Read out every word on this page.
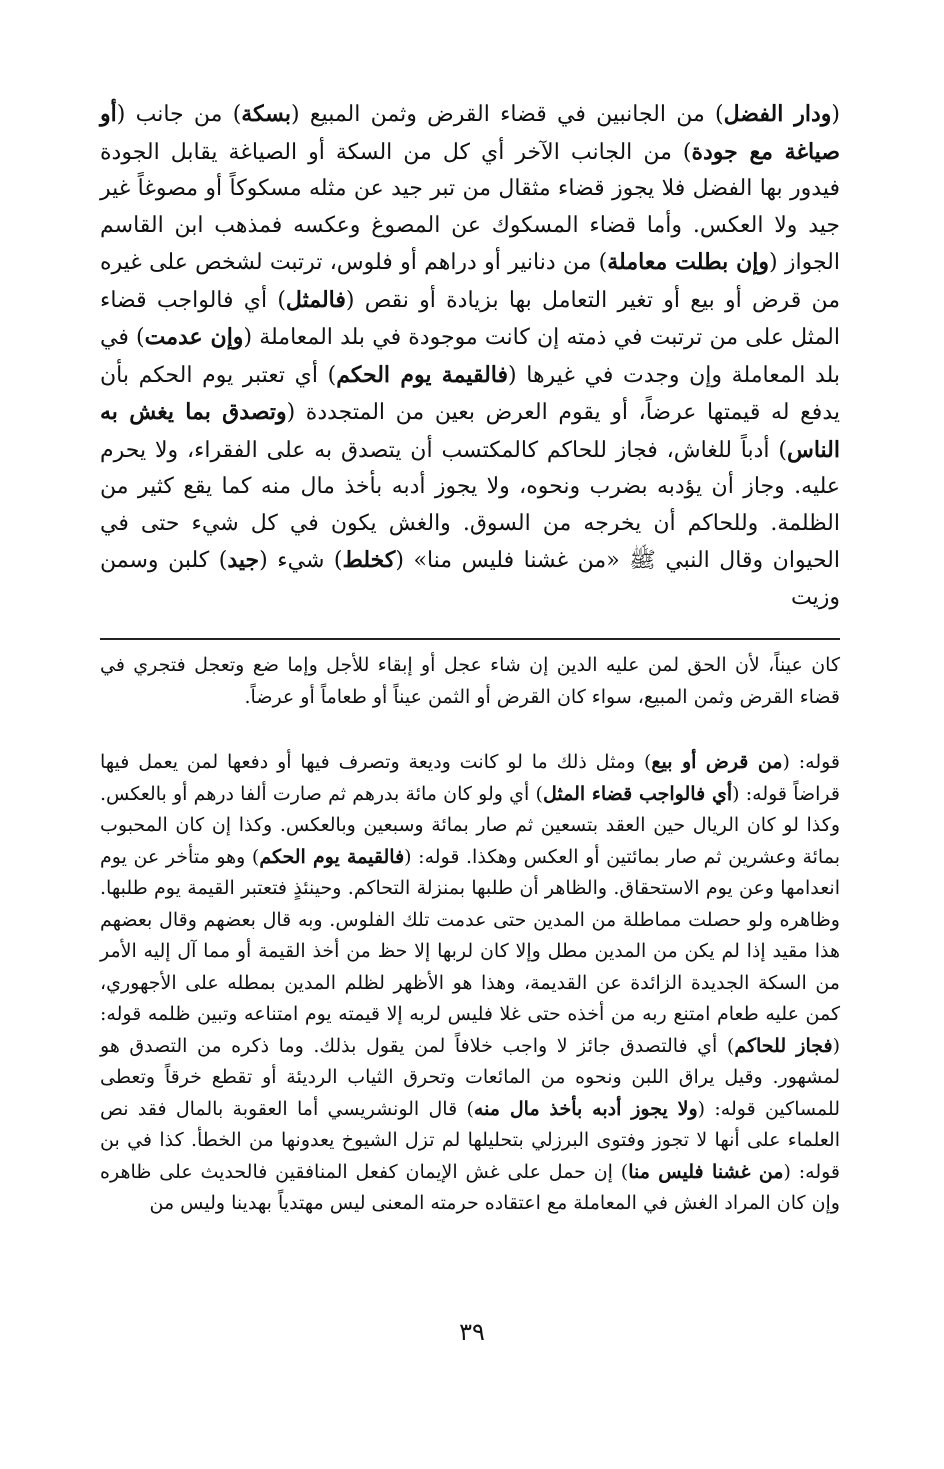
(ودار الفضل) من الجانبين في قضاء القرض وثمن المبيع (بسكة) من جانب (أو صياغة مع جودة) من الجانب الآخر أي كل من السكة أو الصياغة يقابل الجودة فيدور بها الفضل فلا يجوز قضاء مثقال من تبر جيد عن مثله مسكوكاً أو مصوغاً غير جيد ولا العكس. وأما قضاء المسكوك عن المصوغ وعكسه فمذهب ابن القاسم الجواز (وإن بطلت معاملة) من دنانير أو دراهم أو فلوس، ترتبت لشخص على غيره من قرض أو بيع أو تغير التعامل بها بزيادة أو نقص (فالمثل) أي فالواجب قضاء المثل على من ترتبت في ذمته إن كانت موجودة في بلد المعاملة (وإن عدمت) في بلد المعاملة وإن وجدت في غيرها (فالقيمة يوم الحكم) أي تعتبر يوم الحكم بأن يدفع له قيمتها عرضاً، أو يقوم العرض بعين من المتجددة (وتصدق بما يغش به الناس) أدباً للغاش، فجاز للحاكم كالمكتسب أن يتصدق به على الفقراء، ولا يحرم عليه. وجاز أن يؤدبه بضرب ونحوه، ولا يجوز أدبه بأخذ مال منه كما يقع كثير من الظلمة. وللحاكم أن يخرجه من السوق. والغش يكون في كل شيء حتى في الحيوان وقال النبي ﷺ «من غشنا فليس منا» (كخلط) شيء (جيد) كلبن وسمن وزيت

كان عيناً، لأن الحق لمن عليه الدين إن شاء عجل أو إبقاء للأجل وإما ضع وتعجل فتجري في قضاء القرض وثمن المبيع، سواء كان القرض أو الثمن عيناً أو طعاماً أو عرضاً.

قوله: (من قرض أو بيع) ومثل ذلك ما لو كانت وديعة وتصرف فيها أو دفعها لمن يعمل فيها قراضاً قوله: (أي فالواجب قضاء المثل) أي ولو كان مائة بدرهم ثم صارت ألفا درهم أو بالعكس. وكذا لو كان الريال حين العقد بتسعين ثم صار بمائة وسبعين وبالعكس. وكذا إن كان المحبوب بمائة وعشرين ثم صار بمائتين أو العكس وهكذا. قوله: (فالقيمة يوم الحكم) وهو متأخر عن يوم انعدامها وعن يوم الاستحقاق. والظاهر أن طلبها بمنزلة التحاكم. وحينئذٍ فتعتبر القيمة يوم طلبها. وظاهره ولو حصلت مماطلة من المدين حتى عدمت تلك الفلوس. وبه قال بعضهم وقال بعضهم هذا مقيد إذا لم يكن من المدين مطل وإلا كان لربها إلا حظ من أخذ القيمة أو مما آل إليه الأمر من السكة الجديدة الزائدة عن القديمة، وهذا هو الأظهر لظلم المدين بمطله على الأجهوري، كمن عليه طعام امتنع ربه من أخذه حتى غلا فليس لربه إلا قيمته يوم امتناعه وتبين ظلمه قوله: (فجاز للحاكم) أي فالتصدق جائز لا واجب خلافاً لمن يقول بذلك. وما ذكره من التصدق هو لمشهور. وقيل يراق اللبن ونحوه من المائعات وتحرق الثياب الرديئة أو تقطع خرقاً وتعطى للمساكين قوله: (ولا يجوز أدبه بأخذ مال منه) قال الونشريسي أما العقوبة بالمال فقد نص العلماء على أنها لا تجوز وفتوى البرزلي بتحليلها لم تزل الشيوخ يعدونها من الخطأ. كذا في بن قوله: (من غشنا فليس منا) إن حمل على غش الإيمان كفعل المنافقين فالحديث على ظاهره وإن كان المراد الغش في المعاملة مع اعتقاده حرمته المعنى ليس مهتدياً بهدينا وليس من

٣٩
